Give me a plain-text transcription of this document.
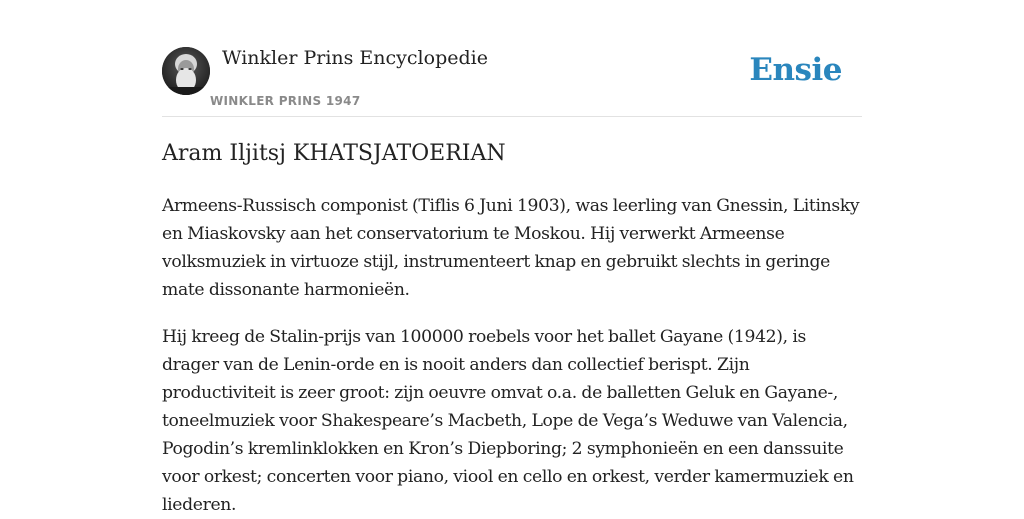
Winkler Prins Encyclopedie
WINKLER PRINS 1947
Ensie
Aram Iljitsj KHATSJATOERIAN

Armeens-Russisch componist (Tiflis 6 Juni 1903), was leerling van Gnessin, Litinsky en Miaskovsky aan het conservatorium te Moskou. Hij verwerkt Armeense volksmuziek in virtuoze stijl, instrumenteert knap en gebruikt slechts in geringe mate dissonante harmonieën.

Hij kreeg de Stalin-prijs van 100000 roebels voor het ballet Gayane (1942), is drager van de Lenin-orde en is nooit anders dan collectief berispt. Zijn productiviteit is zeer groot: zijn oeuvre omvat o.a. de balletten Geluk en Gayane-, toneelmuziek voor Shakespeare’s Macbeth, Lope de Vega’s Weduwe van Valencia, Pogodin’s kremlinklokken en Kron’s Diepboring; 2 symphonieën en een danssuite voor orkest; concerten voor piano, viool en cello en orkest, verder kamermuziek en liederen.
